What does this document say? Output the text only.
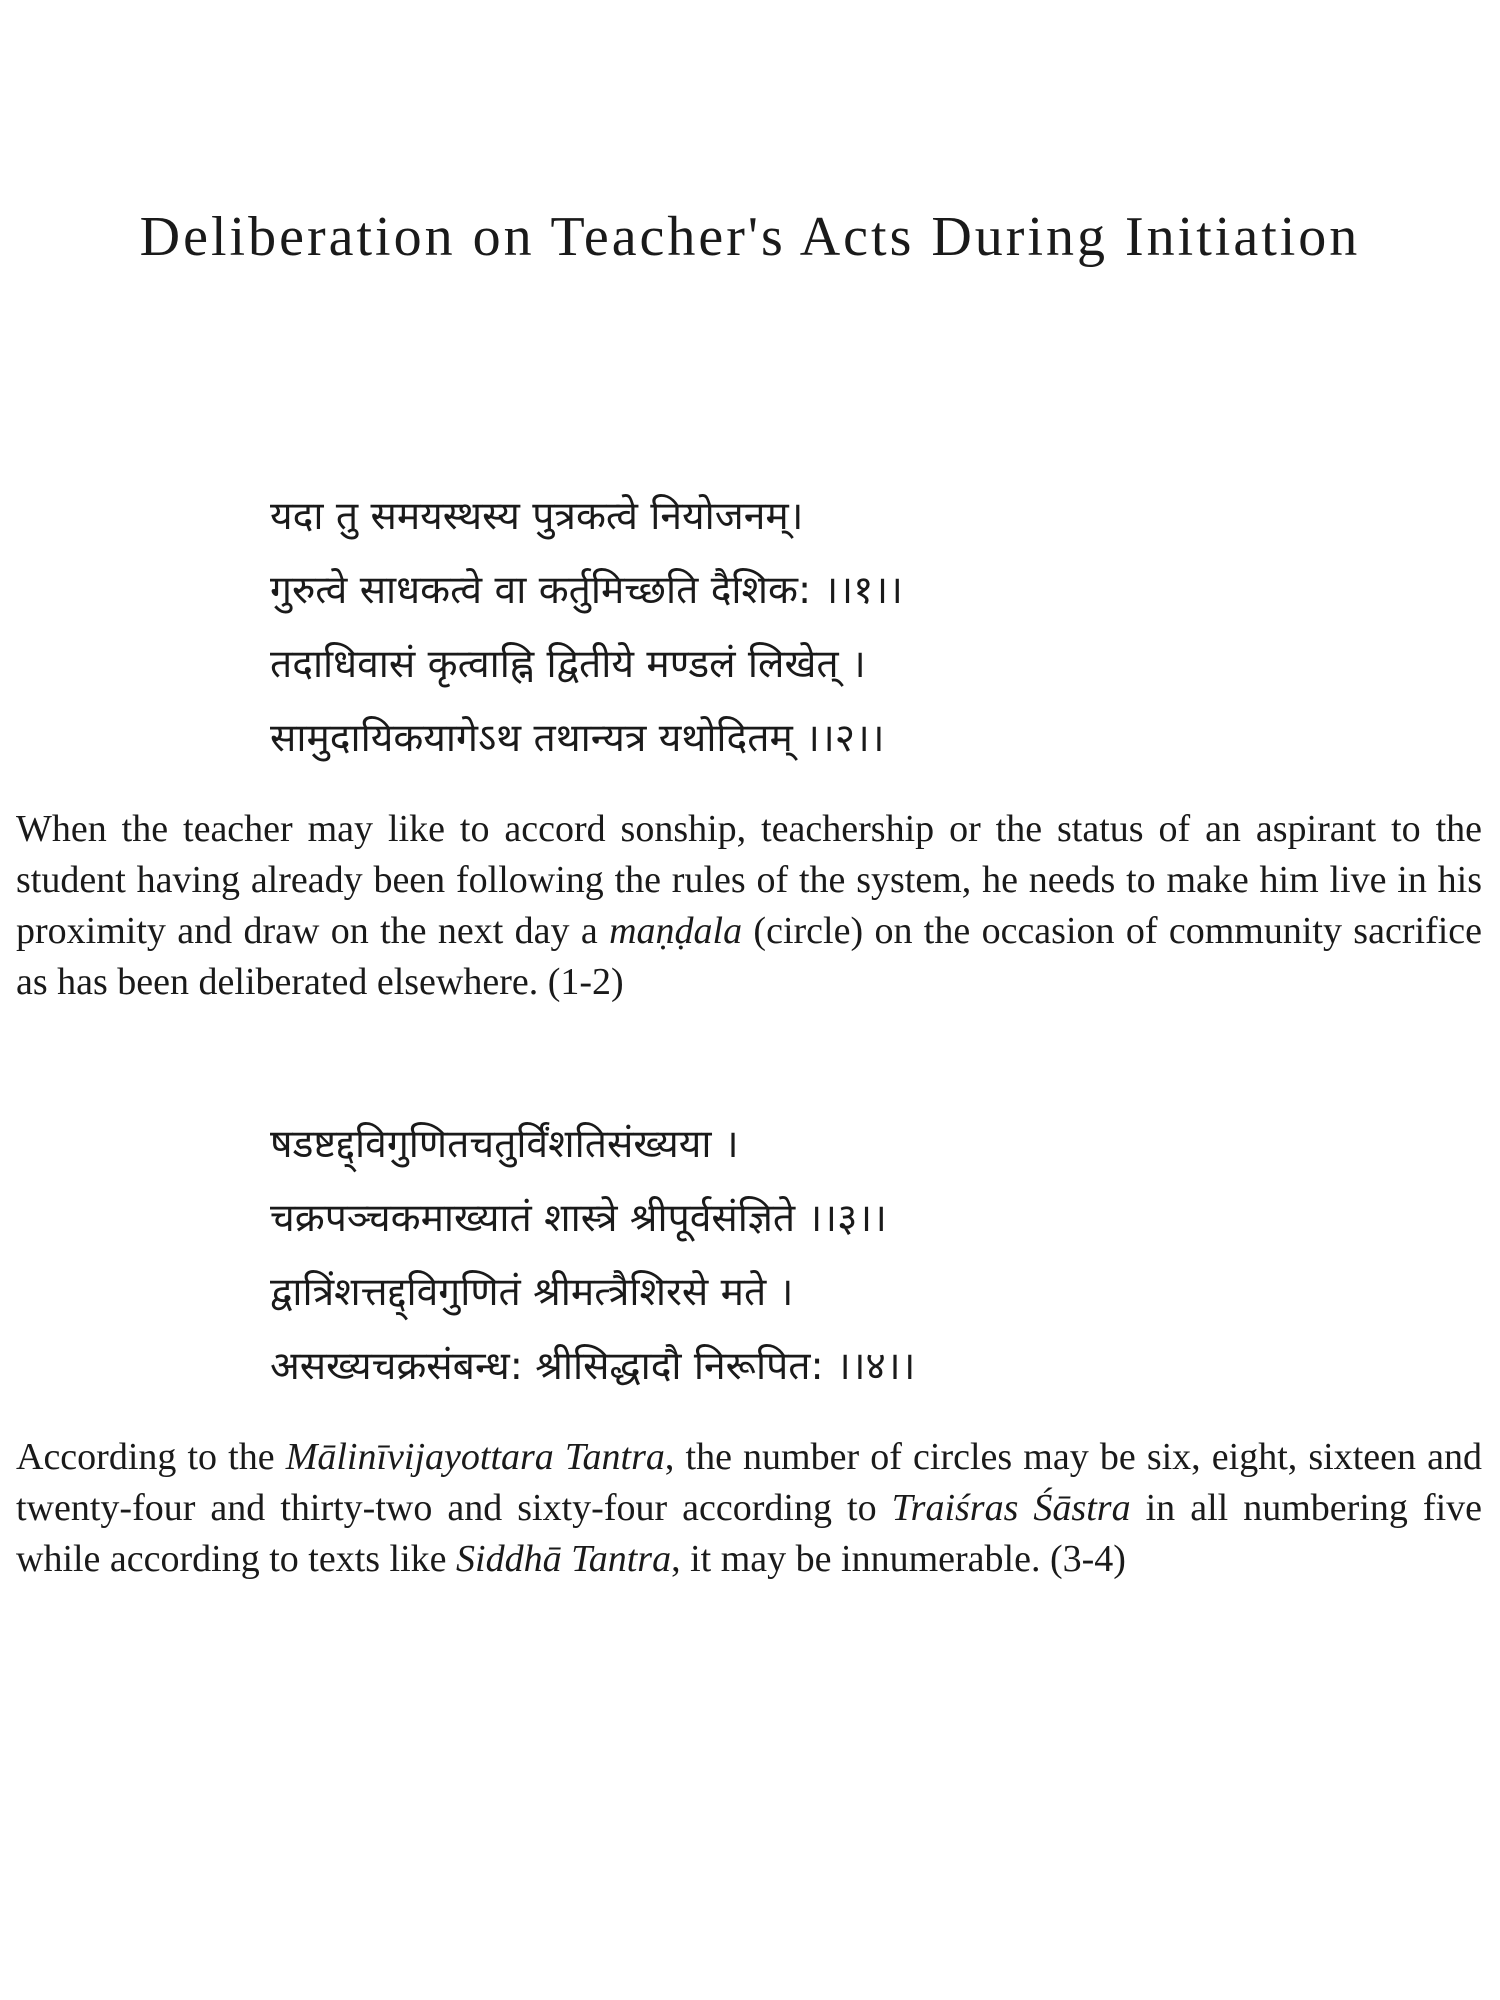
Deliberation on Teacher's Acts During Initiation
यदा तु समयस्थस्य पुत्रकत्वे नियोजनम्।
गुरुत्वे साधकत्वे वा कर्तुमिच्छति दैशिक: ।।१।।
तदाधिवासं कृत्वाह्नि द्वितीये मण्डलं लिखेत् ।
सामुदायिकयागेऽथ तथान्यत्र यथोदितम् ।।२।।

When the teacher may like to accord sonship, teachership or the status of an aspirant to the student having already been following the rules of the system, he needs to make him live in his proximity and draw on the next day a maṇḍala (circle) on the occasion of community sacrifice as has been deliberated elsewhere. (1-2)

षडष्टद्द्विगुणितचतुर्विंशतिसंख्यया ।
चक्रपञ्चकमाख्यातं शास्त्रे श्रीपूर्वसंज्ञिते ।।३।।
द्वात्रिंशत्तद्द्विगुणितं श्रीमत्त्रैशिरसे मते ।
असख्यचक्रसंबन्ध: श्रीसिद्धादौ निरूपित: ।।४।।

According to the Mālinīvijayottara Tantra, the number of circles may be six, eight, sixteen and twenty-four and thirty-two and sixty-four according to Traiśras Śāstra in all numbering five while according to texts like Siddhā Tantra, it may be innumerable. (3-4)
